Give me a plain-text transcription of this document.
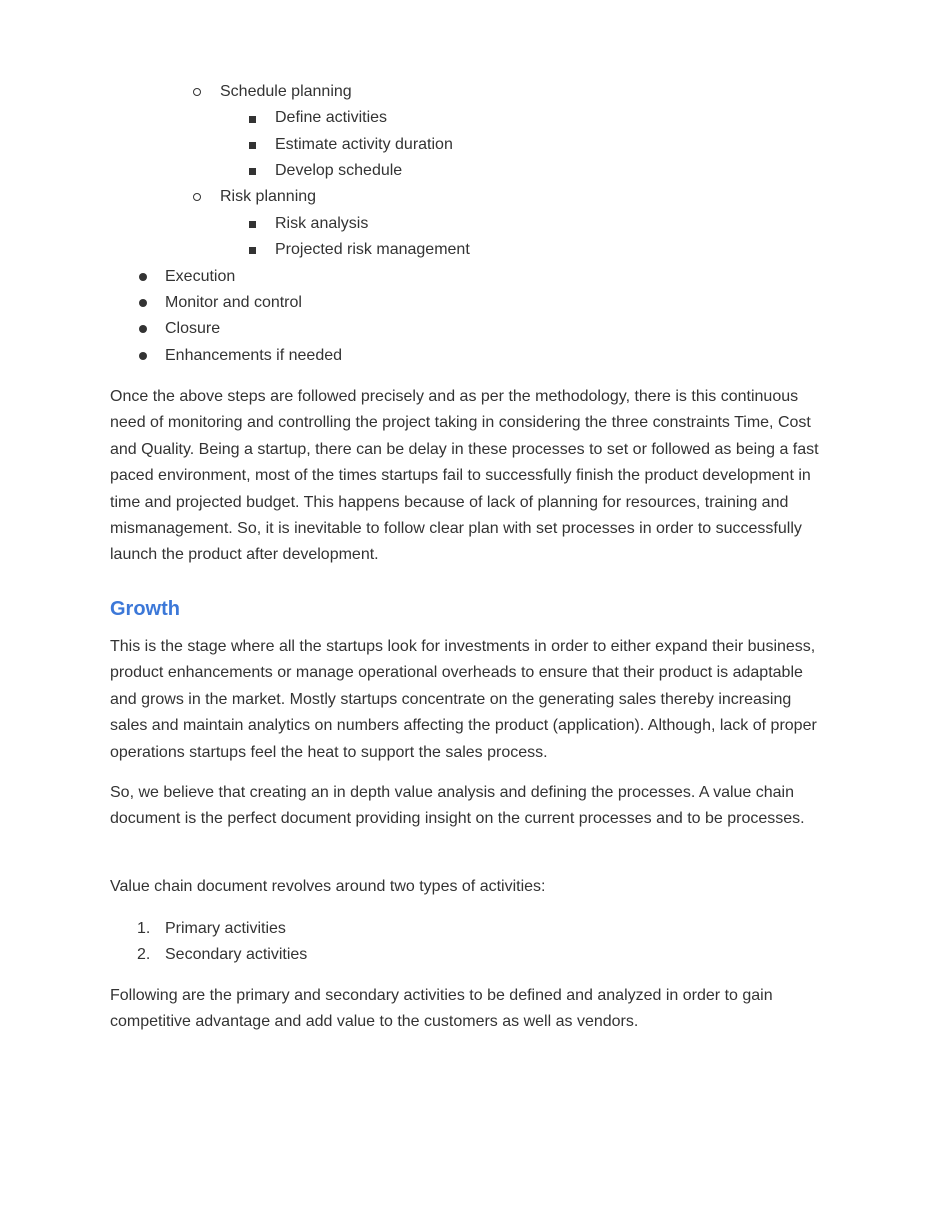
Schedule planning
Define activities
Estimate activity duration
Develop schedule
Risk planning
Risk analysis
Projected risk management
Execution
Monitor and control
Closure
Enhancements if needed
Once the above steps are followed precisely and as per the methodology, there is this continuous need of monitoring and controlling the project taking in considering the three constraints Time, Cost and Quality. Being a startup, there can be delay in these processes to set or followed as being a fast paced environment, most of the times startups fail to successfully finish the product development in time and projected budget. This happens because of lack of planning for resources, training and mismanagement. So, it is inevitable to follow clear plan with set processes in order to successfully launch the product after development.
Growth
This is the stage where all the startups look for investments in order to either expand their business, product enhancements or manage operational overheads to ensure that their product is adaptable and grows in the market. Mostly startups concentrate on the generating sales thereby increasing sales and maintain analytics on numbers affecting the product (application). Although, lack of proper operations startups feel the heat to support the sales process.
So, we believe that creating an in depth value analysis and defining the processes. A value chain document is the perfect document providing insight on the current processes and to be processes.
Value chain document revolves around two types of activities:
1. Primary activities
2. Secondary activities
Following are the primary and secondary activities to be defined and analyzed in order to gain competitive advantage and add value to the customers as well as vendors.
